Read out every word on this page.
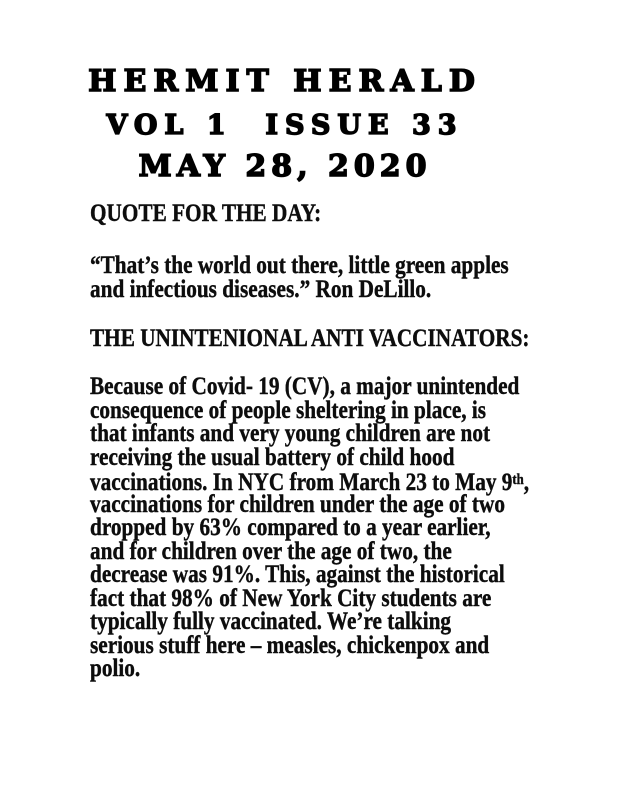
HERMIT HERALD
VOL 1  ISSUE 33
MAY 28, 2020
QUOTE FOR THE DAY:
“That’s the world out there, little green apples
and infectious diseases.” Ron DeLillo.
THE UNINTENIONAL ANTI VACCINATORS:
Because of Covid- 19 (CV), a major unintended
consequence of people sheltering in place, is
that infants and very young children are not
receiving the usual battery of child hood
vaccinations. In NYC from March 23 to May 9th,
vaccinations for children under the age of two
dropped by 63% compared to a year earlier,
and for children over the age of two, the
decrease was 91%. This, against the historical
fact that 98% of New York City students are
typically fully vaccinated. We’re talking
serious stuff here – measles, chickenpox and
polio.
